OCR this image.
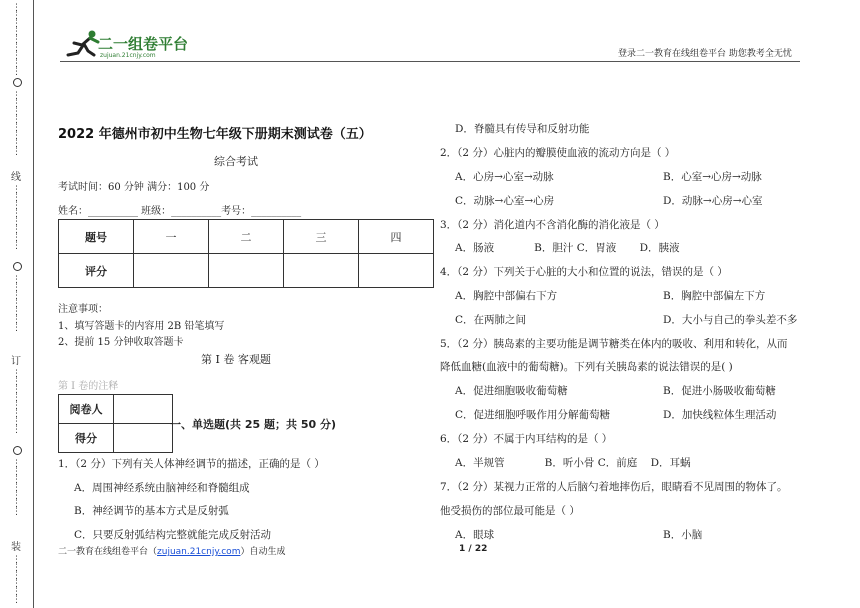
⋮
⋮
⋮
⋮
⋮
⋮
⋮
⋮
⋮
⋮
⋮
⋮
⋮
⋮
⋮
⋮
⋮
线
⋮
⋮
⋮
⋮
⋮
⋮
⋮
⋮
⋮
⋮
⋮
⋮
⋮
⋮
⋮
订
⋮
⋮
⋮
⋮
⋮
⋮
⋮
⋮
⋮
⋮
⋮
⋮
⋮
⋮
⋮
装
⋮
⋮
⋮
⋮
⋮
⋮
二一组卷平台
zujuan.21cnjy.com	登录二一教育在线组卷平台 助您教考全无忧
2022 年德州市初中生物七年级下册期末测试卷（五）
综合考试
考试时间：60 分钟 满分：100 分
姓名：__________ 班级：__________考号：__________
题号	一	二	三	四
评分				
注意事项：
1、填写答题卡的内容用 2B 铅笔填写
2、提前 15 分钟收取答题卡
第 Ⅰ 卷 客观题
第 Ⅰ 卷的注释
阅卷人	
得分	
一、单选题(共 25 题；共 50 分)
1．（2 分）下列有关人体神经调节的描述，正确的是（ ）
A．周围神经系统由脑神经和脊髓组成
B．神经调节的基本方式是反射弧
C．只要反射弧结构完整就能完成反射活动
D．脊髓具有传导和反射功能
2．（2 分）心脏内的瓣膜使血液的流动方向是（ ）
A．心房→心室→动脉	B．心室→心房→动脉
C．动脉→心室→心房	D．动脉→心房→心室
3．（2 分）消化道内不含消化酶的消化液是（ ）
A．肠液            B．胆汁 C．胃液       D．胰液
4．（2 分）下列关于心脏的大小和位置的说法，错误的是（ ）
A．胸腔中部偏右下方	B．胸腔中部偏左下方
C．在两肺之间	D．大小与自己的拳头差不多
5．（2 分）胰岛素的主要功能是调节糖类在体内的吸收、利用和转化，从而
降低血糖(血液中的葡萄糖)。下列有关胰岛素的说法错误的是( )
A．促进细胞吸收葡萄糖	B．促进小肠吸收葡萄糖
C．促进细胞呼吸作用分解葡萄糖	D．加快线粒体生理活动
6．（2 分）不属于内耳结构的是（ ）
A．半规管            B．听小骨 C．前庭    D．耳蜗
7．（2 分）某视力正常的人后脑勺着地摔伤后，眼睛看不见周围的物体了。
他受损伤的部位最可能是（ ）
A．眼球	B．小脑
二一教育在线组卷平台（zujuan.21cnjy.com）自动生成	1 / 22
